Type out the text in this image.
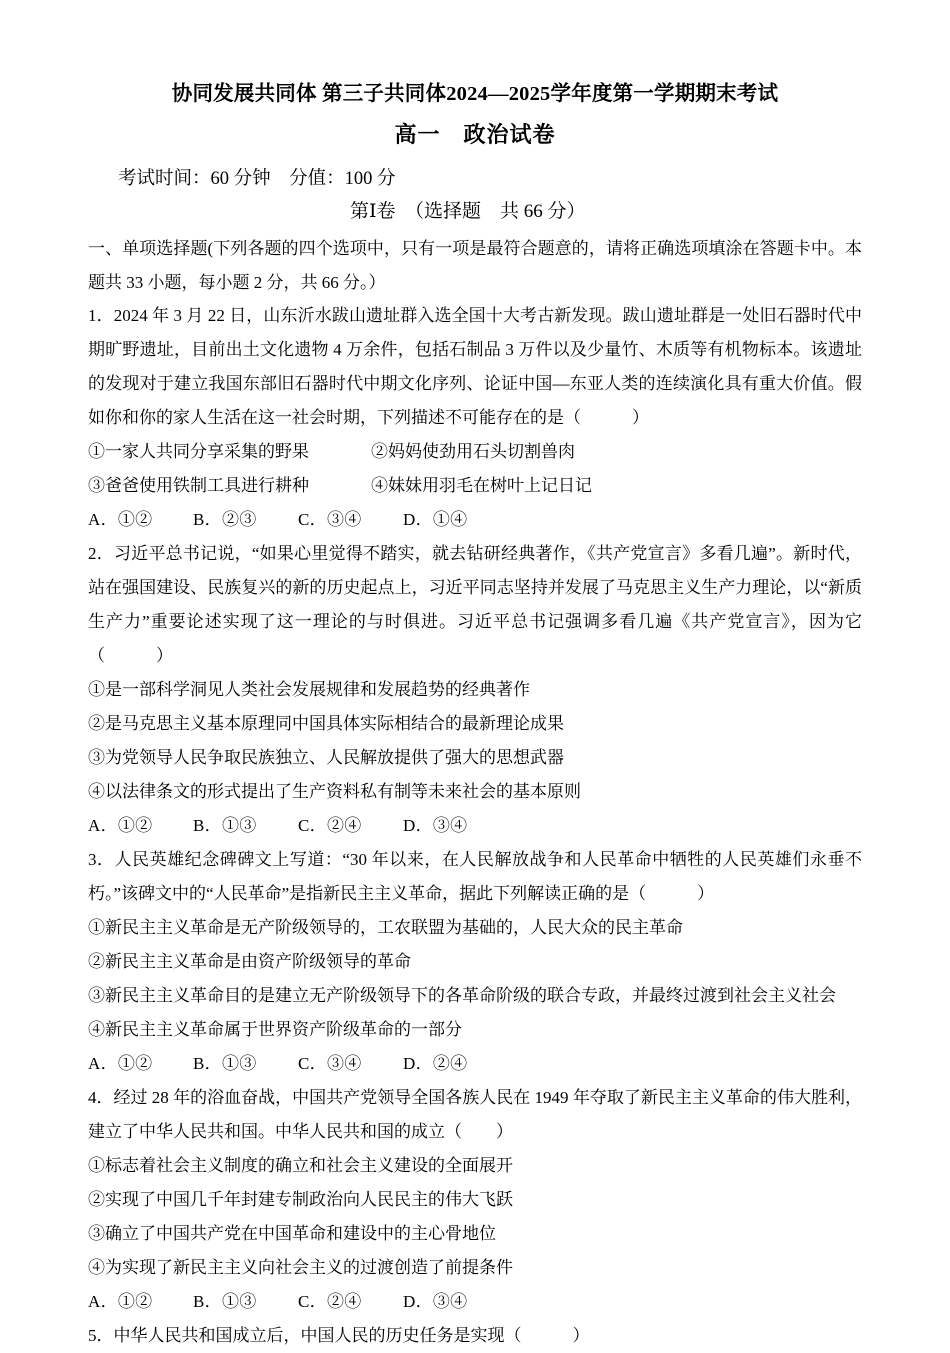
协同发展共同体 第三子共同体2024—2025学年度第一学期期末考试
高一　政治试卷

考试时间：60 分钟　分值：100 分

第Ⅰ卷　（选择题　共 66 分）

一、单项选择题(下列各题的四个选项中，只有一项是最符合题意的，请将正确选项填涂在答题卡中。本题共 33 小题，每小题 2 分，共 66 分。）

1．2024 年 3 月 22 日，山东沂水跋山遗址群入选全国十大考古新发现。跋山遗址群是一处旧石器时代中期旷野遗址，目前出土文化遗物 4 万余件，包括石制品 3 万件以及少量竹、木质等有机物标本。该遗址的发现对于建立我国东部旧石器时代中期文化序列、论证中国—东亚人类的连续演化具有重大价值。假如你和你的家人生活在这一社会时期，下列描述不可能存在的是（　　　）

①一家人共同分享采集的野果	②妈妈使劲用石头切割兽肉
③爸爸使用铁制工具进行耕种	④妹妹用羽毛在树叶上记日记
A．①②	B．②③	C．③④	D．①④

2．习近平总书记说，“如果心里觉得不踏实，就去钻研经典著作，《共产党宣言》多看几遍”。新时代，站在强国建设、民族复兴的新的历史起点上，习近平同志坚持并发展了马克思主义生产力理论，以“新质生产力”重要论述实现了这一理论的与时俱进。习近平总书记强调多看几遍《共产党宣言》，因为它（　　　）

①是一部科学洞见人类社会发展规律和发展趋势的经典著作

②是马克思主义基本原理同中国具体实际相结合的最新理论成果

③为党领导人民争取民族独立、人民解放提供了强大的思想武器

④以法律条文的形式提出了生产资料私有制等未来社会的基本原则

A．①②	B．①③	C．②④	D．③④

3．人民英雄纪念碑碑文上写道：“30 年以来，在人民解放战争和人民革命中牺牲的人民英雄们永垂不朽。”该碑文中的“人民革命”是指新民主主义革命，据此下列解读正确的是（　　　）

①新民主主义革命是无产阶级领导的，工农联盟为基础的，人民大众的民主革命

②新民主主义革命是由资产阶级领导的革命

③新民主主义革命目的是建立无产阶级领导下的各革命阶级的联合专政，并最终过渡到社会主义社会

④新民主主义革命属于世界资产阶级革命的一部分

A．①②	B．①③	C．③④	D．②④

4．经过 28 年的浴血奋战，中国共产党领导全国各族人民在 1949 年夺取了新民主主义革命的伟大胜利，建立了中华人民共和国。中华人民共和国的成立（　　）

①标志着社会主义制度的确立和社会主义建设的全面展开

②实现了中国几千年封建专制政治向人民民主的伟大飞跃

③确立了中国共产党在中国革命和建设中的主心骨地位

④为实现了新民主主义向社会主义的过渡创造了前提条件

A．①②	B．①③	C．②④	D．③④

5．中华人民共和国成立后，中国人民的历史任务是实现（　　　）
